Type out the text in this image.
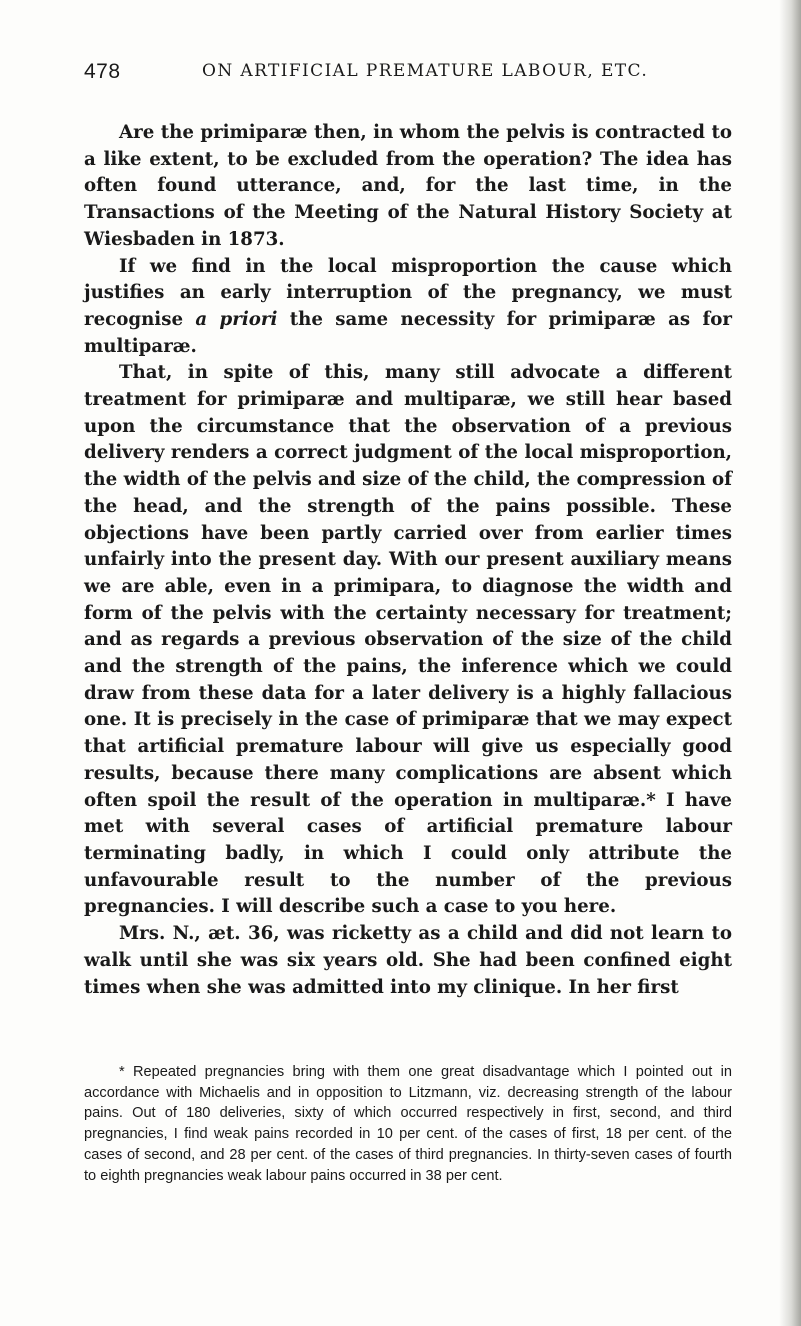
478	ON ARTIFICIAL PREMATURE LABOUR, ETC.

Are the primiparæ then, in whom the pelvis is contracted to a like extent, to be excluded from the operation? The idea has often found utterance, and, for the last time, in the Transactions of the Meeting of the Natural History Society at Wiesbaden in 1873.

If we find in the local misproportion the cause which justifies an early interruption of the pregnancy, we must recognise a priori the same necessity for primiparæ as for multiparæ.

That, in spite of this, many still advocate a different treatment for primiparæ and multiparæ, we still hear based upon the circumstance that the observation of a previous delivery renders a correct judgment of the local misproportion, the width of the pelvis and size of the child, the compression of the head, and the strength of the pains possible. These objections have been partly carried over from earlier times unfairly into the present day. With our present auxiliary means we are able, even in a primipara, to diagnose the width and form of the pelvis with the certainty necessary for treatment; and as regards a previous observation of the size of the child and the strength of the pains, the inference which we could draw from these data for a later delivery is a highly fallacious one. It is precisely in the case of primiparæ that we may expect that artificial premature labour will give us especially good results, because there many complications are absent which often spoil the result of the operation in multiparæ.* I have met with several cases of artificial premature labour terminating badly, in which I could only attribute the unfavourable result to the number of the previous pregnancies. I will describe such a case to you here.

Mrs. N., æt. 36, was ricketty as a child and did not learn to walk until she was six years old. She had been confined eight times when she was admitted into my clinique. In her first

* Repeated pregnancies bring with them one great disadvantage which I pointed out in accordance with Michaelis and in opposition to Litzmann, viz. decreasing strength of the labour pains. Out of 180 deliveries, sixty of which occurred respectively in first, second, and third pregnancies, I find weak pains recorded in 10 per cent. of the cases of first, 18 per cent. of the cases of second, and 28 per cent. of the cases of third pregnancies. In thirty-seven cases of fourth to eighth pregnancies weak labour pains occurred in 38 per cent.
